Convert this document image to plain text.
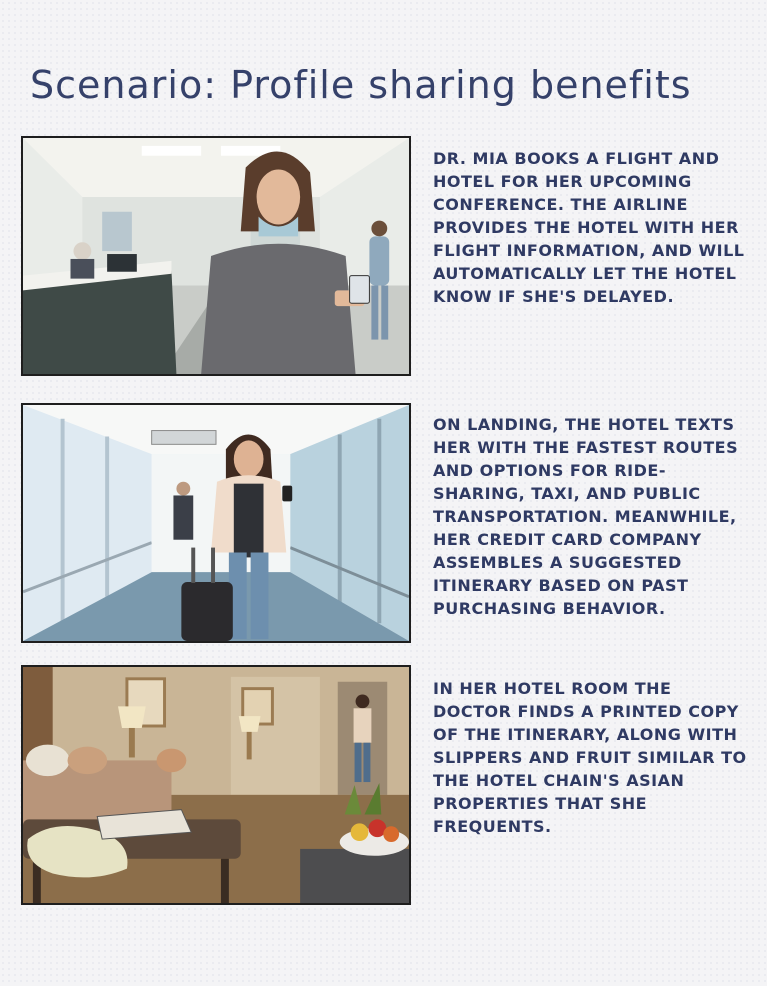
Scenario: Profile sharing benefits

DR. MIA BOOKS A FLIGHT AND HOTEL FOR HER UPCOMING CONFERENCE. THE AIRLINE PROVIDES THE HOTEL WITH HER FLIGHT INFORMATION, AND WILL AUTOMATICALLY LET THE HOTEL KNOW IF SHE'S DELAYED.

ON LANDING, THE HOTEL TEXTS HER WITH THE FASTEST ROUTES AND OPTIONS FOR RIDE-SHARING, TAXI, AND PUBLIC TRANSPORTATION. MEANWHILE, HER CREDIT CARD COMPANY ASSEMBLES A SUGGESTED ITINERARY BASED ON PAST PURCHASING BEHAVIOR.

IN HER HOTEL ROOM THE DOCTOR FINDS A PRINTED COPY OF THE ITINERARY, ALONG WITH SLIPPERS AND FRUIT SIMILAR TO THE HOTEL CHAIN'S ASIAN PROPERTIES THAT SHE FREQUENTS.
